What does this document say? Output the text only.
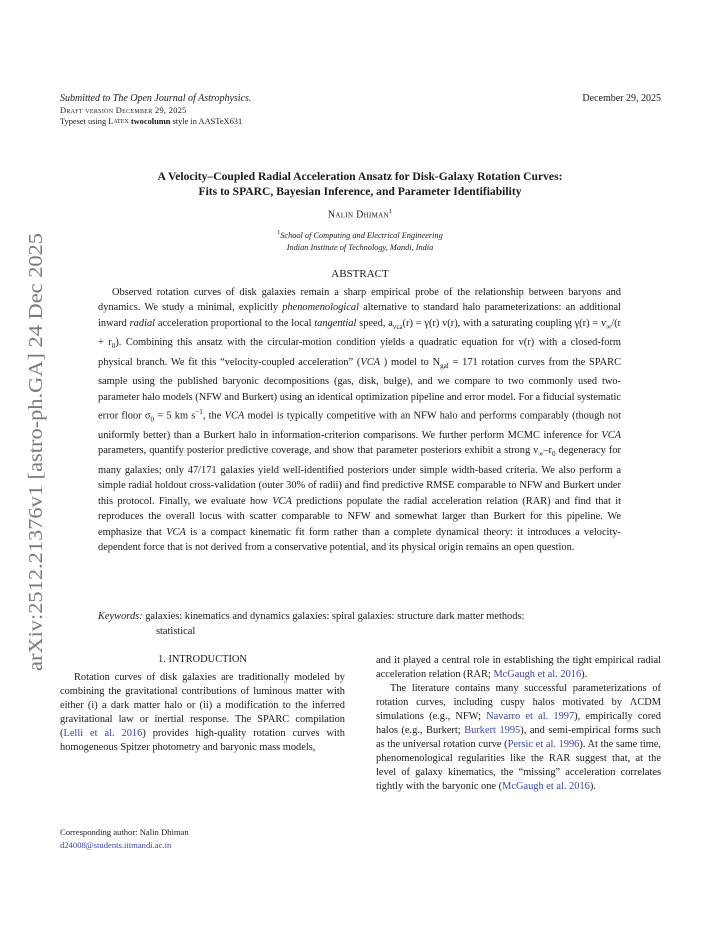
arXiv:2512.21376v1 [astro-ph.GA] 24 Dec 2025
Submitted to The Open Journal of Astrophysics.
Draft version December 29, 2025
Typeset using LATEX twocolumn style in AASTeX631
December 29, 2025
A Velocity–Coupled Radial Acceleration Ansatz for Disk-Galaxy Rotation Curves:
Fits to SPARC, Bayesian Inference, and Parameter Identifiability
Nalin Dhiman$^1$
$^1$School of Computing and Electrical Engineering
Indian Institute of Technology, Mandi, India
ABSTRACT
Observed rotation curves of disk galaxies remain a sharp empirical probe of the relationship between baryons and dynamics. We study a minimal, explicitly phenomenological alternative to standard halo parameterizations: an additional inward radial acceleration proportional to the local tangential speed, $a_{vca}(r) = \gamma(r)$ v(r), with a saturating coupling $\gamma(r) = v_\infty/(r + r_0)$. Combining this ansatz with the circular-motion condition yields a quadratic equation for v(r) with a closed-form physical branch. We fit this “velocity-coupled acceleration” (VCA ) model to $N_{gal} = 171$ rotation curves from the SPARC sample using the published baryonic decompositions (gas, disk, bulge), and we compare to two commonly used two-parameter halo models (NFW and Burkert) using an identical optimization pipeline and error model. For a fiducial systematic error floor $\sigma_0 = 5$ km $s^{-1}$, the VCA model is typically competitive with an NFW halo and performs comparably (though not uniformly better) than a Burkert halo in information-criterion comparisons. We further perform MCMC inference for VCA parameters, quantify posterior predictive coverage, and show that parameter posteriors exhibit a strong $v_\infty-r_0$ degeneracy for many galaxies; only 47/171 galaxies yield well-identified posteriors under simple width-based criteria. We also perform a simple radial holdout cross-validation (outer 30% of radii) and find predictive RMSE comparable to NFW and Burkert under this protocol. Finally, we evaluate how VCA predictions populate the radial acceleration relation (RAR) and find that it reproduces the overall locus with scatter comparable to NFW and somewhat larger than Burkert for this pipeline. We emphasize that VCA is a compact kinematic fit form rather than a complete dynamical theory: it introduces a velocity-dependent force that is not derived from a conservative potential, and its physical origin remains an open question.
Keywords: galaxies: kinematics and dynamics galaxies: spiral galaxies: structure dark matter methods:
statistical
1. INTRODUCTION

Rotation curves of disk galaxies are traditionally modeled by combining the gravitational contributions of luminous matter with either (i) a dark matter halo or (ii) a modification to the inferred gravitational law or inertial response. The SPARC compilation (Lelli et al. 2016) provides high-quality rotation curves with homogeneous Spitzer photometry and baryonic mass models,

Corresponding author: Nalin Dhiman
d24008@students.iitmandi.ac.in

and it played a central role in establishing the tight empirical radial acceleration relation (RAR; McGaugh et al. 2016).

The literature contains many successful parameterizations of rotation curves, including cuspy halos motivated by ΛCDM simulations (e.g., NFW; Navarro et al. 1997), empirically cored halos (e.g., Burkert; Burkert 1995), and semi-empirical forms such as the universal rotation curve (Persic et al. 1996). At the same time, phenomenological regularities like the RAR suggest that, at the level of galaxy kinematics, the “missing” acceleration correlates tightly with the baryonic one (McGaugh et al. 2016).
